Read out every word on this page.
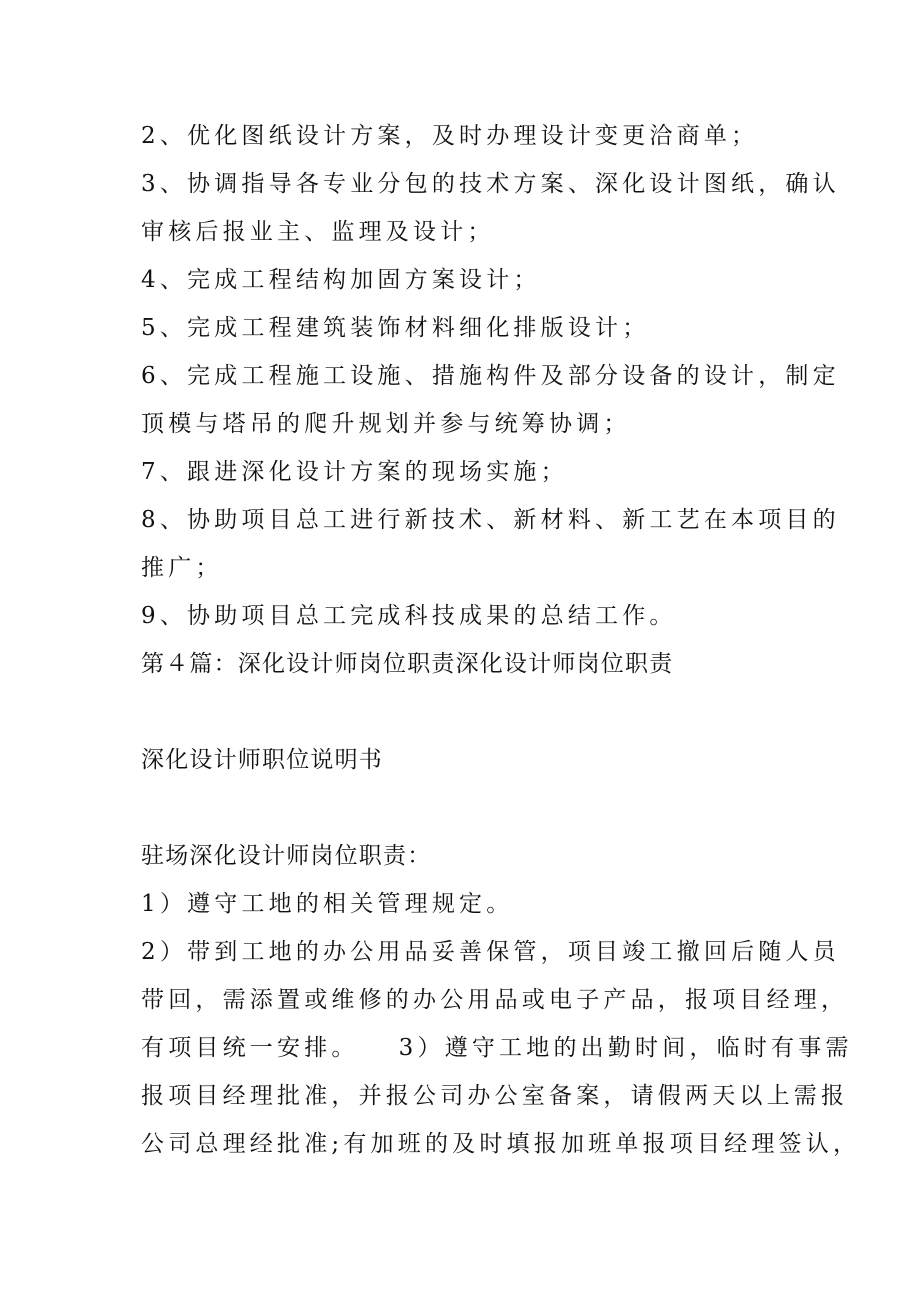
2、优化图纸设计方案，及时办理设计变更洽商单；
3、协调指导各专业分包的技术方案、深化设计图纸，确认
审核后报业主、监理及设计；
4、完成工程结构加固方案设计；
5、完成工程建筑装饰材料细化排版设计；
6、完成工程施工设施、措施构件及部分设备的设计，制定
顶模与塔吊的爬升规划并参与统筹协调；
7、跟进深化设计方案的现场实施；
8、协助项目总工进行新技术、新材料、新工艺在本项目的
推广；
9、协助项目总工完成科技成果的总结工作。
第４篇：深化设计师岗位职责深化设计师岗位职责
深化设计师职位说明书
驻场深化设计师岗位职责：
1）遵守工地的相关管理规定。
2）带到工地的办公用品妥善保管，项目竣工撤回后随人员
带回，需添置或维修的办公用品或电子产品，报项目经理，
有项目统一安排。 3）遵守工地的出勤时间，临时有事需
报项目经理批准，并报公司办公室备案，请假两天以上需报
公司总理经批准;有加班的及时填报加班单报项目经理签认，
